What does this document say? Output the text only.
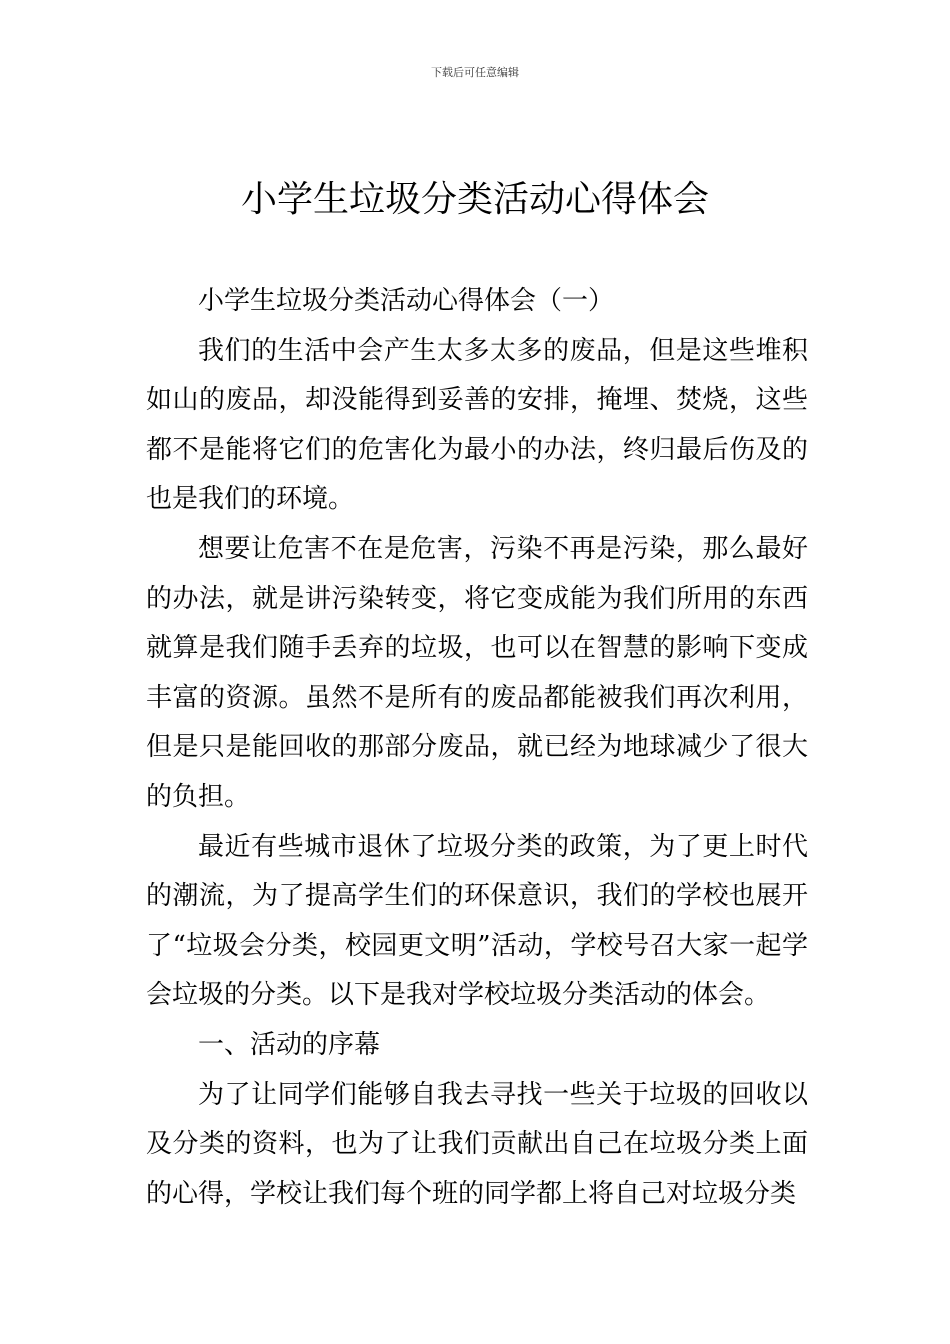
下载后可任意编辑
小学生垃圾分类活动心得体会

小学生垃圾分类活动心得体会（一）

我们的生活中会产生太多太多的废品，但是这些堆积如山的废品，却没能得到妥善的安排，掩埋、焚烧，这些都不是能将它们的危害化为最小的办法，终归最后伤及的也是我们的环境。

想要让危害不在是危害，污染不再是污染，那么最好的办法，就是讲污染转变，将它变成能为我们所用的东西就算是我们随手丢弃的垃圾，也可以在智慧的影响下变成丰富的资源。虽然不是所有的废品都能被我们再次利用，但是只是能回收的那部分废品，就已经为地球减少了很大的负担。

最近有些城市退休了垃圾分类的政策，为了更上时代的潮流，为了提高学生们的环保意识，我们的学校也展开了“垃圾会分类，校园更文明”活动，学校号召大家一起学会垃圾的分类。以下是我对学校垃圾分类活动的体会。

一、活动的序幕

为了让同学们能够自我去寻找一些关于垃圾的回收以及分类的资料，也为了让我们贡献出自己在垃圾分类上面的心得，学校让我们每个班的同学都上将自己对垃圾分类
